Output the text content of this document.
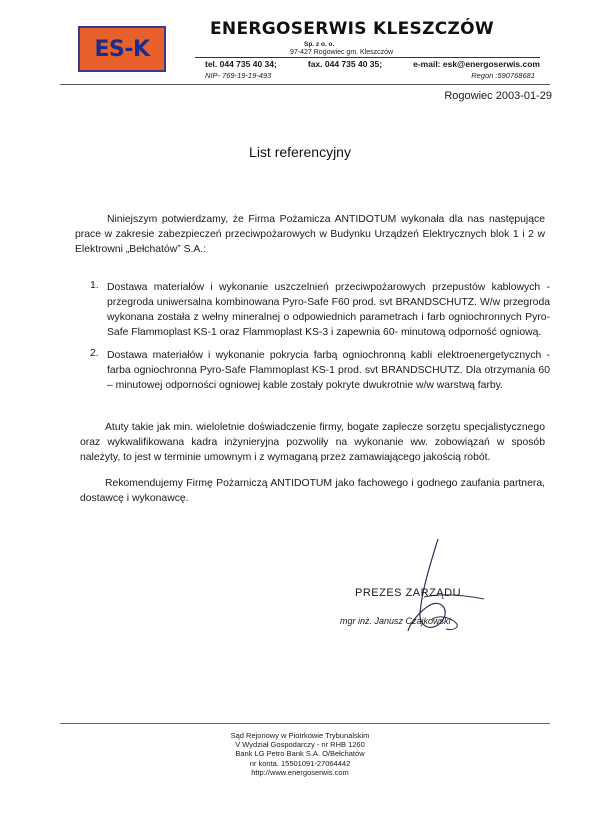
ES-K
ENERGOSERWIS KLESZCZÓW
Sp. z o. o.
97-427 Rogowiec gm. Kleszczów
tel. 044 735 40 34;	fax. 044 735 40 35;	e-mail: esk@energoserwis.com
NIP- 769-19-19-493	Regon :590768681
Rogowiec 2003-01-29
List referencyjny

Niniejszym potwierdzamy, że Firma Pożamicza ANTIDOTUM wykonała dla nas następujące prace w zakresie zabezpieczeń przeciwpożarowych w Budynku Urządzeń Elektrycznych blok 1 i 2 w Elektrowni „Bełchatów” S.A.:

1. Dostawa materiałów i wykonanie uszczelnień przeciwpożarowych przepustów kablowych - przegroda uniwersalna kombinowana Pyro-Safe F60 prod. svt BRANDSCHUTZ. W/w przegroda wykonana została z wełny mineralnej o odpowiednich parametrach i farb ogniochronnych Pyro-Safe Flammoplast KS-1 oraz Flammoplast KS-3 i zapewnia 60- minutową odporność ogniową.

2. Dostawa materiałów i wykonanie pokrycia farbą ogniochronną kabli elektroenergetycznych - farba ogniochronna Pyro-Safe Flammoplast KS-1 prod. svt BRANDSCHUTZ. Dla otrzymania 60 – minutowej odporności ogniowej kable zostały pokryte dwukrotnie w/w warstwą farby.

Atuty takie jak min. wieloletnie doświadczenie firmy, bogate zaplecze sorzętu specjalistycznego oraz wykwalifikowana kadra inżynieryjna pozwoliły na wykonanie ww. zobowiązań w sposób należyty, to jest w terminie umownym i z wymaganą przez zamawiającego jakością robót.

Rekomendujemy Firmę Pożarniczą ANTIDOTUM jako fachowego i godnego zaufania partnera, dostawcę i wykonawcę.

PREZES ZARZĄDU
mgr inż. Janusz Czajkowski
Sąd Rejonowy w Piotrkowie Trybunalskim
V Wydział Gospodarczy - nr RHB 1260
Bank LG Petro Bank S.A. O/Bełchatów
nr konta. 15501091-27064442
http://www.energoserwis.com
